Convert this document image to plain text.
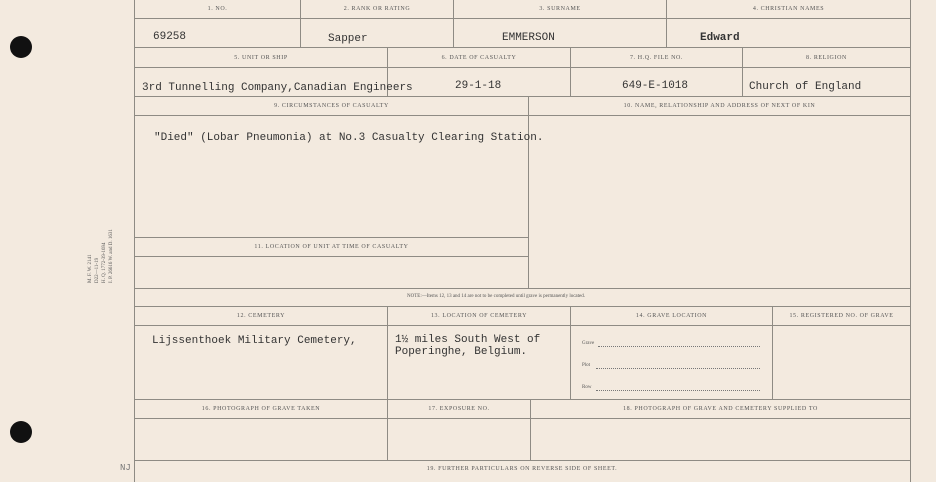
M. F. W. 2141 D22—11-19 H. Q. 1772-39-1694 I. P. 26616 W. and D. 1631
NJ
1. NO.	2. RANK OR RATING	3. SURNAME	4. CHRISTIAN NAMES
69258	Sapper	EMMERSON	Edward
5. UNIT OR SHIP	6. DATE OF CASUALTY	7. H.Q. FILE NO.	8. RELIGION
3rd Tunnelling Company,Canadian Engineers	29-1-18	649-E-1018	Church of England
9. CIRCUMSTANCES OF CASUALTY	10. NAME, RELATIONSHIP AND ADDRESS OF NEXT OF KIN
"Died" (Lobar Pneumonia) at No.3 Casualty Clearing Station.
11. LOCATION OF UNIT AT TIME OF CASUALTY
NOTE:—Items 12, 13 and 14 are not to be completed until grave is permanently located.
12. CEMETERY	13. LOCATION OF CEMETERY	14. GRAVE LOCATION	15. REGISTERED NO. OF GRAVE
Lijssenthoek Military Cemetery,	1½ miles South West of
Poperinghe, Belgium.
Grave
Plot
Row
16. PHOTOGRAPH OF GRAVE TAKEN	17. EXPOSURE NO.	18. PHOTOGRAPH OF GRAVE AND CEMETERY SUPPLIED TO
19. FURTHER PARTICULARS ON REVERSE SIDE OF SHEET.
